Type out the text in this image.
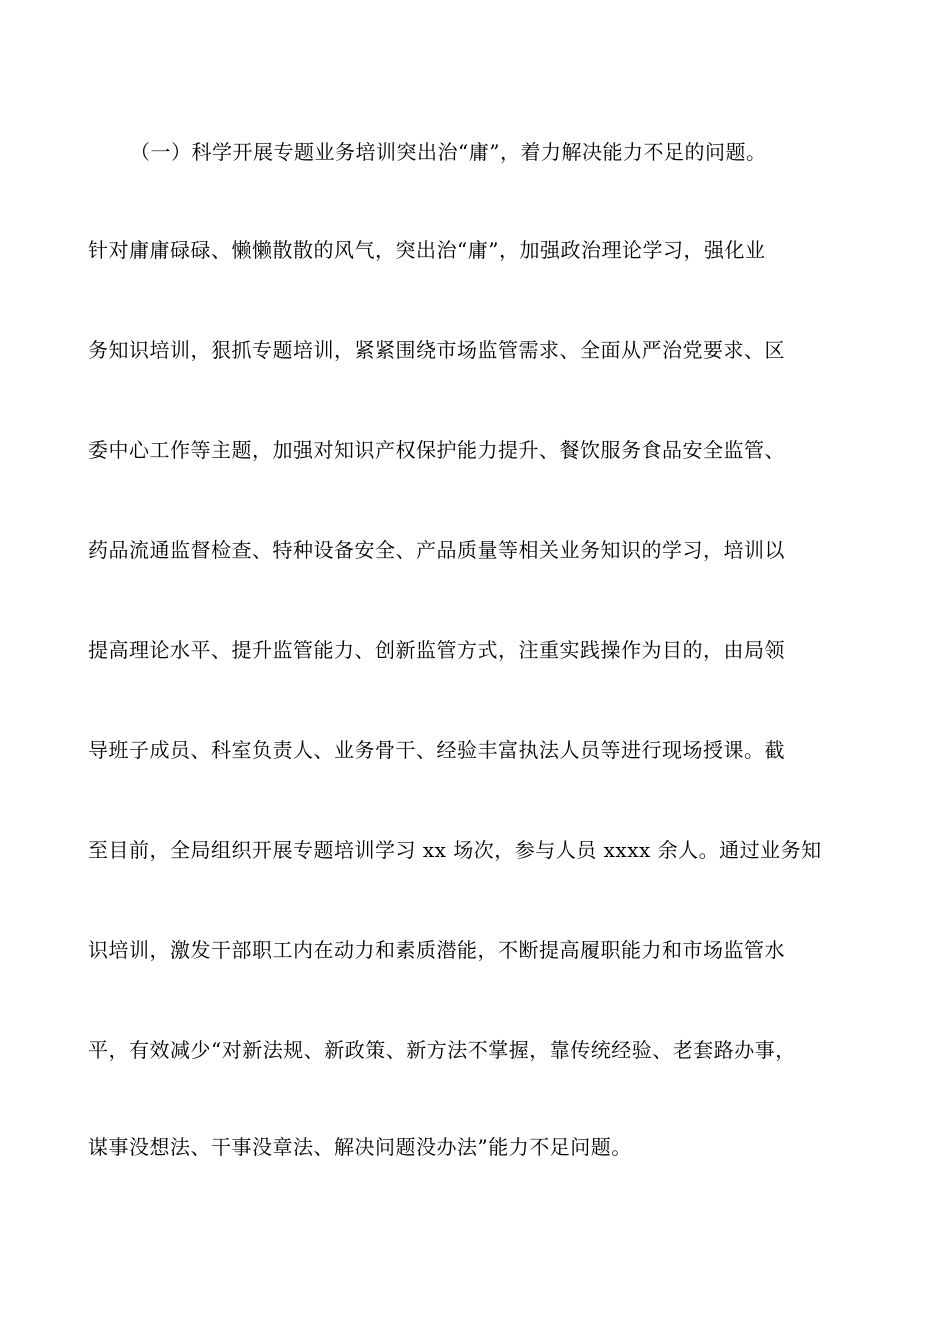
（一）科学开展专题业务培训突出治“庸”，着力解决能力不足的问题。
针对庸庸碌碌、懒懒散散的风气，突出治“庸”，加强政治理论学习，强化业
务知识培训，狠抓专题培训，紧紧围绕市场监管需求、全面从严治党要求、区
委中心工作等主题，加强对知识产权保护能力提升、餐饮服务食品安全监管、
药品流通监督检查、特种设备安全、产品质量等相关业务知识的学习，培训以
提高理论水平、提升监管能力、创新监管方式，注重实践操作为目的，由局领
导班子成员、科室负责人、业务骨干、经验丰富执法人员等进行现场授课。截
至目前，全局组织开展专题培训学习 xx 场次，参与人员 xxxx 余人。通过业务知
识培训，激发干部职工内在动力和素质潜能，不断提高履职能力和市场监管水
平，有效减少“对新法规、新政策、新方法不掌握，靠传统经验、老套路办事，
谋事没想法、干事没章法、解决问题没办法”能力不足问题。
